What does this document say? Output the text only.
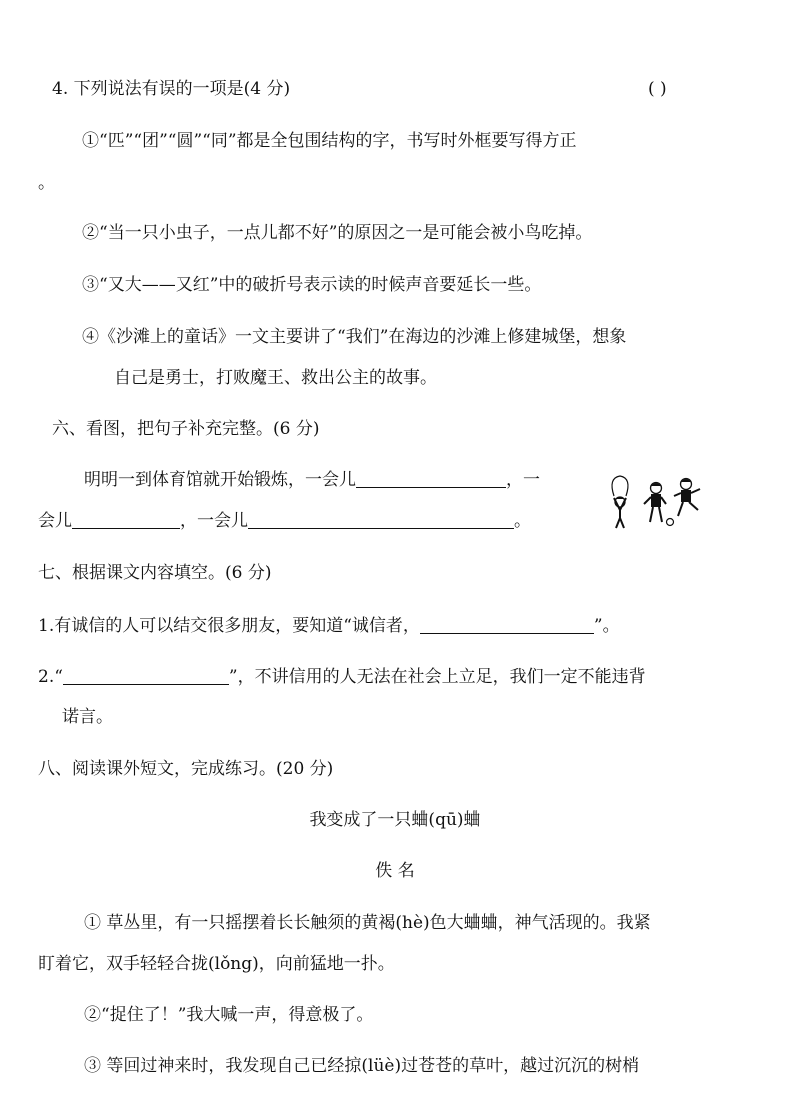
4. 下列说法有误的一项是(4 分)	( )
①“匹”“团”“圆”“同”都是全包围结构的字，书写时外框要写得方正
。
②“当一只小虫子，一点儿都不好”的原因之一是可能会被小鸟吃掉。
③“又大——又红”中的破折号表示读的时候声音要延长一些。
④《沙滩上的童话》一文主要讲了“我们”在海边的沙滩上修建城堡，想象
自己是勇士，打败魔王、救出公主的故事。
六、看图，把句子补充完整。(6 分)
明明一到体育馆就开始锻炼，一会儿	，一
会儿	，一会儿	。
七、根据课文内容填空。(6 分)
1.有诚信的人可以结交很多朋友，要知道“诚信者，	”。
2.“	”，不讲信用的人无法在社会上立足，我们一定不能违背
诺言。
八、阅读课外短文，完成练习。(20 分)
我变成了一只蛐(qū)蛐
佚 名
① 草丛里，有一只摇摆着长长触须的黄褐(hè)色大蛐蛐，神气活现的。我紧
盯着它，双手轻轻合拢(lǒng)，向前猛地一扑。
②“捉住了！”我大喊一声，得意极了。
③ 等回过神来时，我发现自己已经掠(lüè)过苍苍的草叶，越过沉沉的树梢
